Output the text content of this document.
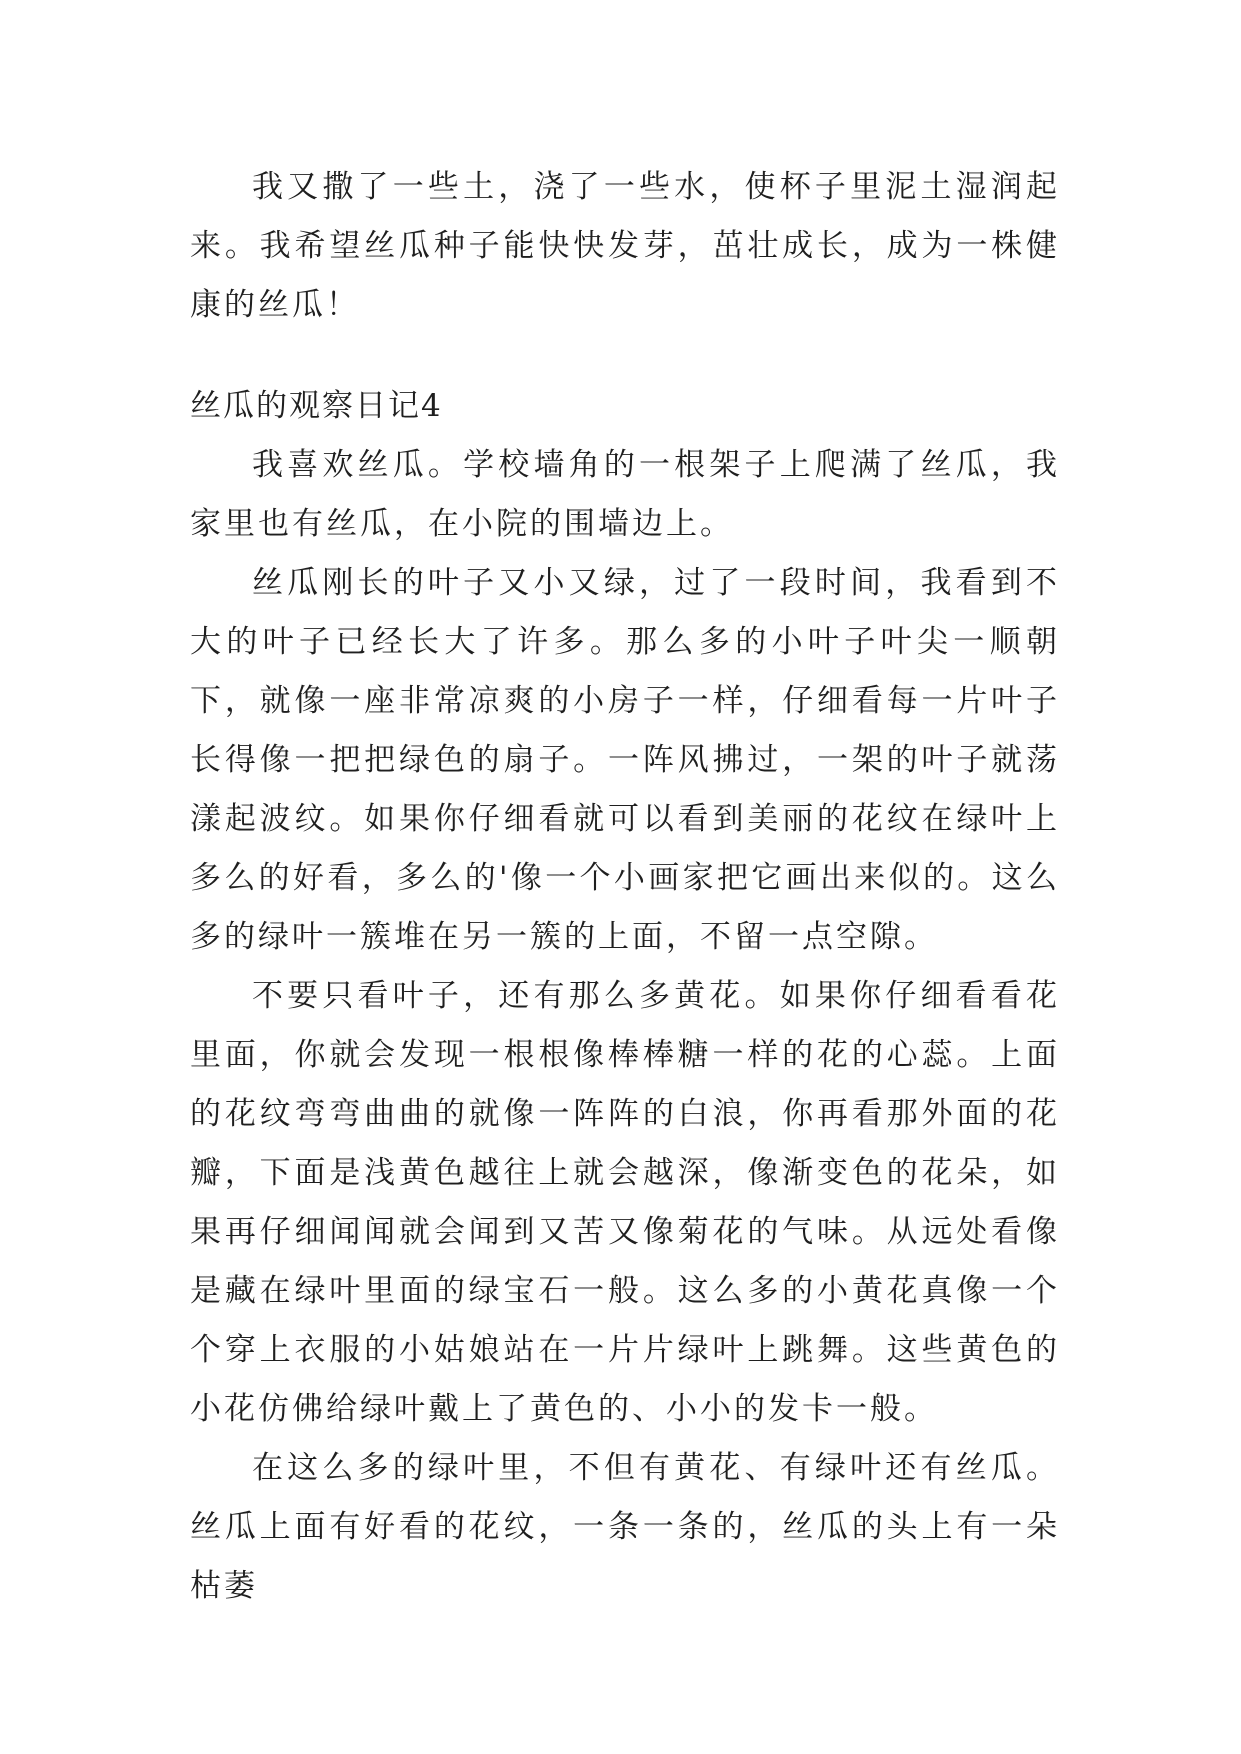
我又撒了一些土，浇了一些水，使杯子里泥土湿润起来。我希望丝瓜种子能快快发芽，茁壮成长，成为一株健康的丝瓜！

丝瓜的观察日记4

我喜欢丝瓜。学校墙角的一根架子上爬满了丝瓜，我家里也有丝瓜，在小院的围墙边上。

丝瓜刚长的叶子又小又绿，过了一段时间，我看到不大的叶子已经长大了许多。那么多的小叶子叶尖一顺朝下，就像一座非常凉爽的小房子一样，仔细看每一片叶子长得像一把把绿色的扇子。一阵风拂过，一架的叶子就荡漾起波纹。如果你仔细看就可以看到美丽的花纹在绿叶上多么的好看，多么的'像一个小画家把它画出来似的。这么多的绿叶一簇堆在另一簇的上面，不留一点空隙。

不要只看叶子，还有那么多黄花。如果你仔细看看花里面，你就会发现一根根像棒棒糖一样的花的心蕊。上面的花纹弯弯曲曲的就像一阵阵的白浪，你再看那外面的花瓣，下面是浅黄色越往上就会越深，像渐变色的花朵，如果再仔细闻闻就会闻到又苦又像菊花的气味。从远处看像是藏在绿叶里面的绿宝石一般。这么多的小黄花真像一个个穿上衣服的小姑娘站在一片片绿叶上跳舞。这些黄色的小花仿佛给绿叶戴上了黄色的、小小的发卡一般。

在这么多的绿叶里，不但有黄花、有绿叶还有丝瓜。丝瓜上面有好看的花纹，一条一条的，丝瓜的头上有一朵枯萎
